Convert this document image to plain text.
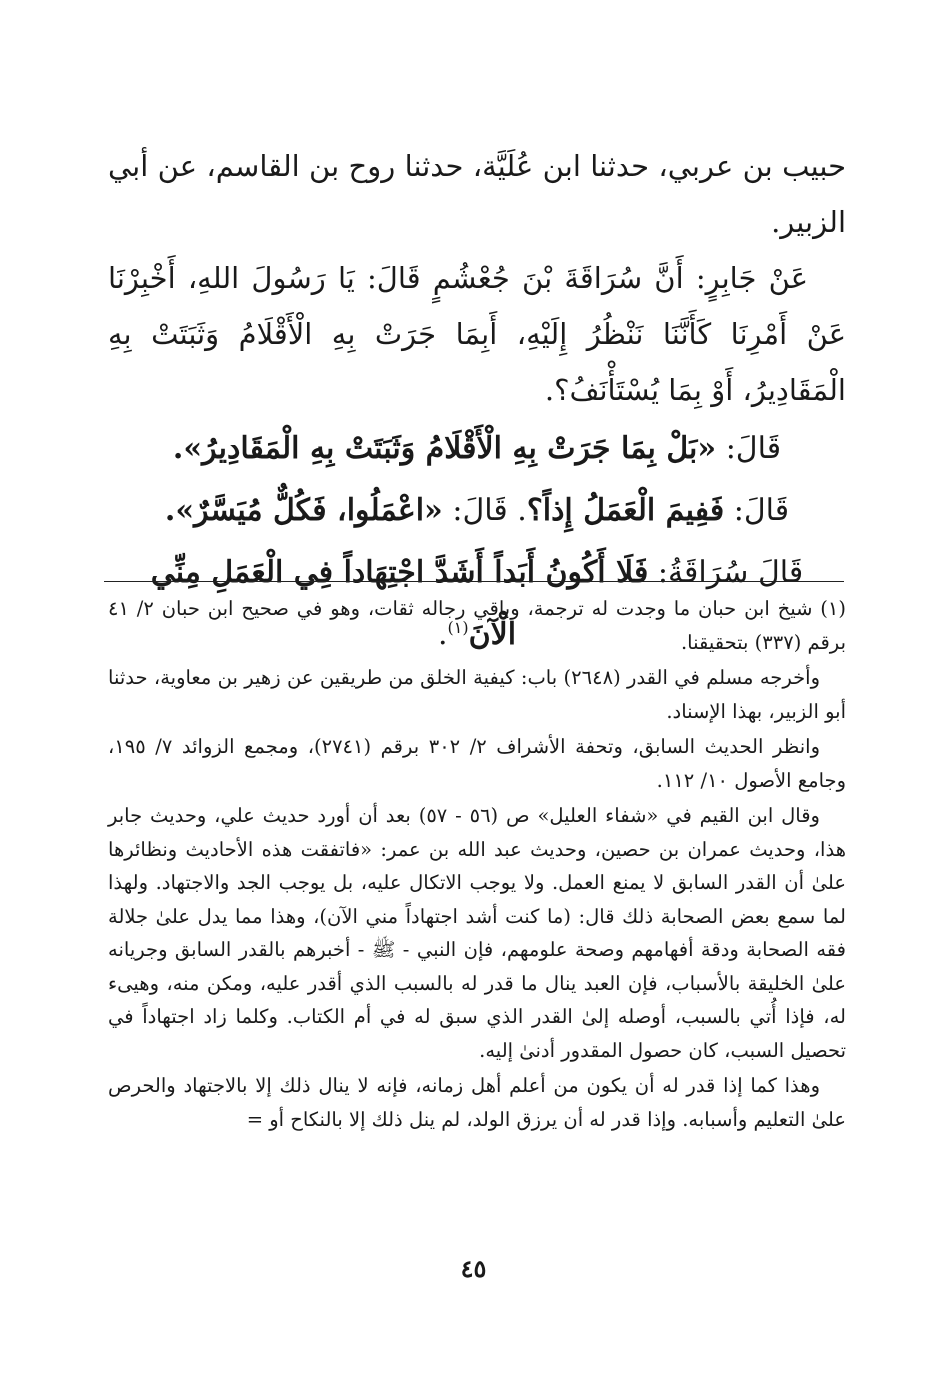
حبيب بن عربي، حدثنا ابن عُلَيَّة، حدثنا روح بن القاسم، عن أبي الزبير.

عَنْ جَابِرٍ: أَنَّ سُرَاقَةَ بْنَ جُعْشُمٍ قَالَ: يَا رَسُولَ اللهِ، أَخْبِرْنَا عَنْ أَمْرِنَا كَأَنَّنَا نَنْظُرُ إِلَيْهِ، أَبِمَا جَرَتْ بِهِ الْأَقْلَامُ وَثَبَتَتْ بِهِ الْمَقَادِيرُ، أَوْ بِمَا يُسْتَأْنَفُ؟.

قَالَ: «بَلْ بِمَا جَرَتْ بِهِ الْأَقْلَامُ وَثَبَتَتْ بِهِ الْمَقَادِيرُ».

قَالَ: فَفِيمَ الْعَمَلُ إِذاً؟. قَالَ: «اعْمَلُوا، فَكُلٌّ مُيَسَّرٌ».

قَالَ سُرَاقَةُ: فَلَا أَكُونُ أَبَداً أَشَدَّ اجْتِهَاداً فِي الْعَمَلِ مِنِّي الْآنَ$^{(١)}$.

(١) شيخ ابن حبان ما وجدت له ترجمة، وباقي رجاله ثقات، وهو في صحيح ابن حبان ٢/ ٤١ برقم (٣٣٧) بتحقيقنا.

وأخرجه مسلم في القدر (٢٦٤٨) باب: كيفية الخلق من طريقين عن زهير بن معاوية، حدثنا أبو الزبير، بهذا الإسناد.

وانظر الحديث السابق، وتحفة الأشراف ٢/ ٣٠٢ برقم (٢٧٤١)، ومجمع الزوائد ٧/ ١٩٥، وجامع الأصول ١٠/ ١١٢.

وقال ابن القيم في «شفاء العليل» ص (٥٦ - ٥٧) بعد أن أورد حديث علي، وحديث جابر هذا، وحديث عمران بن حصين، وحديث عبد الله بن عمر: «فاتفقت هذه الأحاديث ونظائرها علىٰ أن القدر السابق لا يمنع العمل. ولا يوجب الاتكال عليه، بل يوجب الجد والاجتهاد. ولهذا لما سمع بعض الصحابة ذلك قال: (ما كنت أشد اجتهاداً مني الآن)، وهذا مما يدل علىٰ جلالة فقه الصحابة ودقة أفهامهم وصحة علومهم، فإن النبي - ﷺ - أخبرهم بالقدر السابق وجريانه علىٰ الخليقة بالأسباب، فإن العبد ينال ما قدر له بالسبب الذي أقدر عليه، ومكن منه، وهيىء له، فإذا أُتي بالسبب، أوصله إلىٰ القدر الذي سبق له في أم الكتاب. وكلما زاد اجتهاداً في تحصيل السبب، كان حصول المقدور أدنىٰ إليه.

وهذا كما إذا قدر له أن يكون من أعلم أهل زمانه، فإنه لا ينال ذلك إلا بالاجتهاد والحرص علىٰ التعليم وأسبابه. وإذا قدر له أن يرزق الولد، لم ينل ذلك إلا بالنكاح أو =

٤٥
